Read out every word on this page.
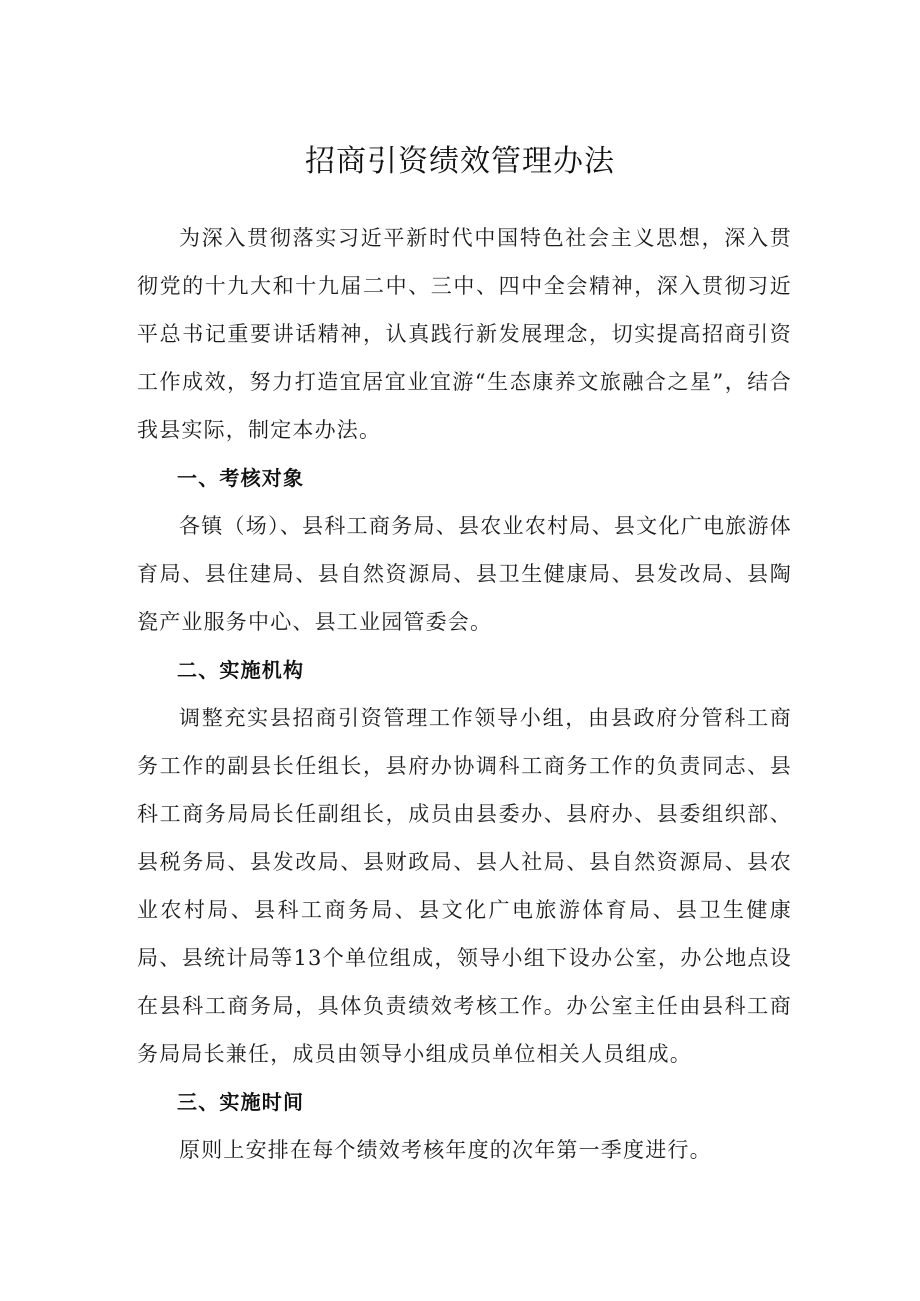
招商引资绩效管理办法

为深入贯彻落实习近平新时代中国特色社会主义思想，深入贯彻党的十九大和十九届二中、三中、四中全会精神，深入贯彻习近平总书记重要讲话精神，认真践行新发展理念，切实提高招商引资工作成效，努力打造宜居宜业宜游“生态康养文旅融合之星”，结合我县实际，制定本办法。

一、考核对象

各镇（场）、县科工商务局、县农业农村局、县文化广电旅游体育局、县住建局、县自然资源局、县卫生健康局、县发改局、县陶瓷产业服务中心、县工业园管委会。

二、实施机构

调整充实县招商引资管理工作领导小组，由县政府分管科工商务工作的副县长任组长，县府办协调科工商务工作的负责同志、县科工商务局局长任副组长，成员由县委办、县府办、县委组织部、县税务局、县发改局、县财政局、县人社局、县自然资源局、县农业农村局、县科工商务局、县文化广电旅游体育局、县卫生健康局、县统计局等13个单位组成，领导小组下设办公室，办公地点设在县科工商务局，具体负责绩效考核工作。办公室主任由县科工商务局局长兼任，成员由领导小组成员单位相关人员组成。

三、实施时间

原则上安排在每个绩效考核年度的次年第一季度进行。
